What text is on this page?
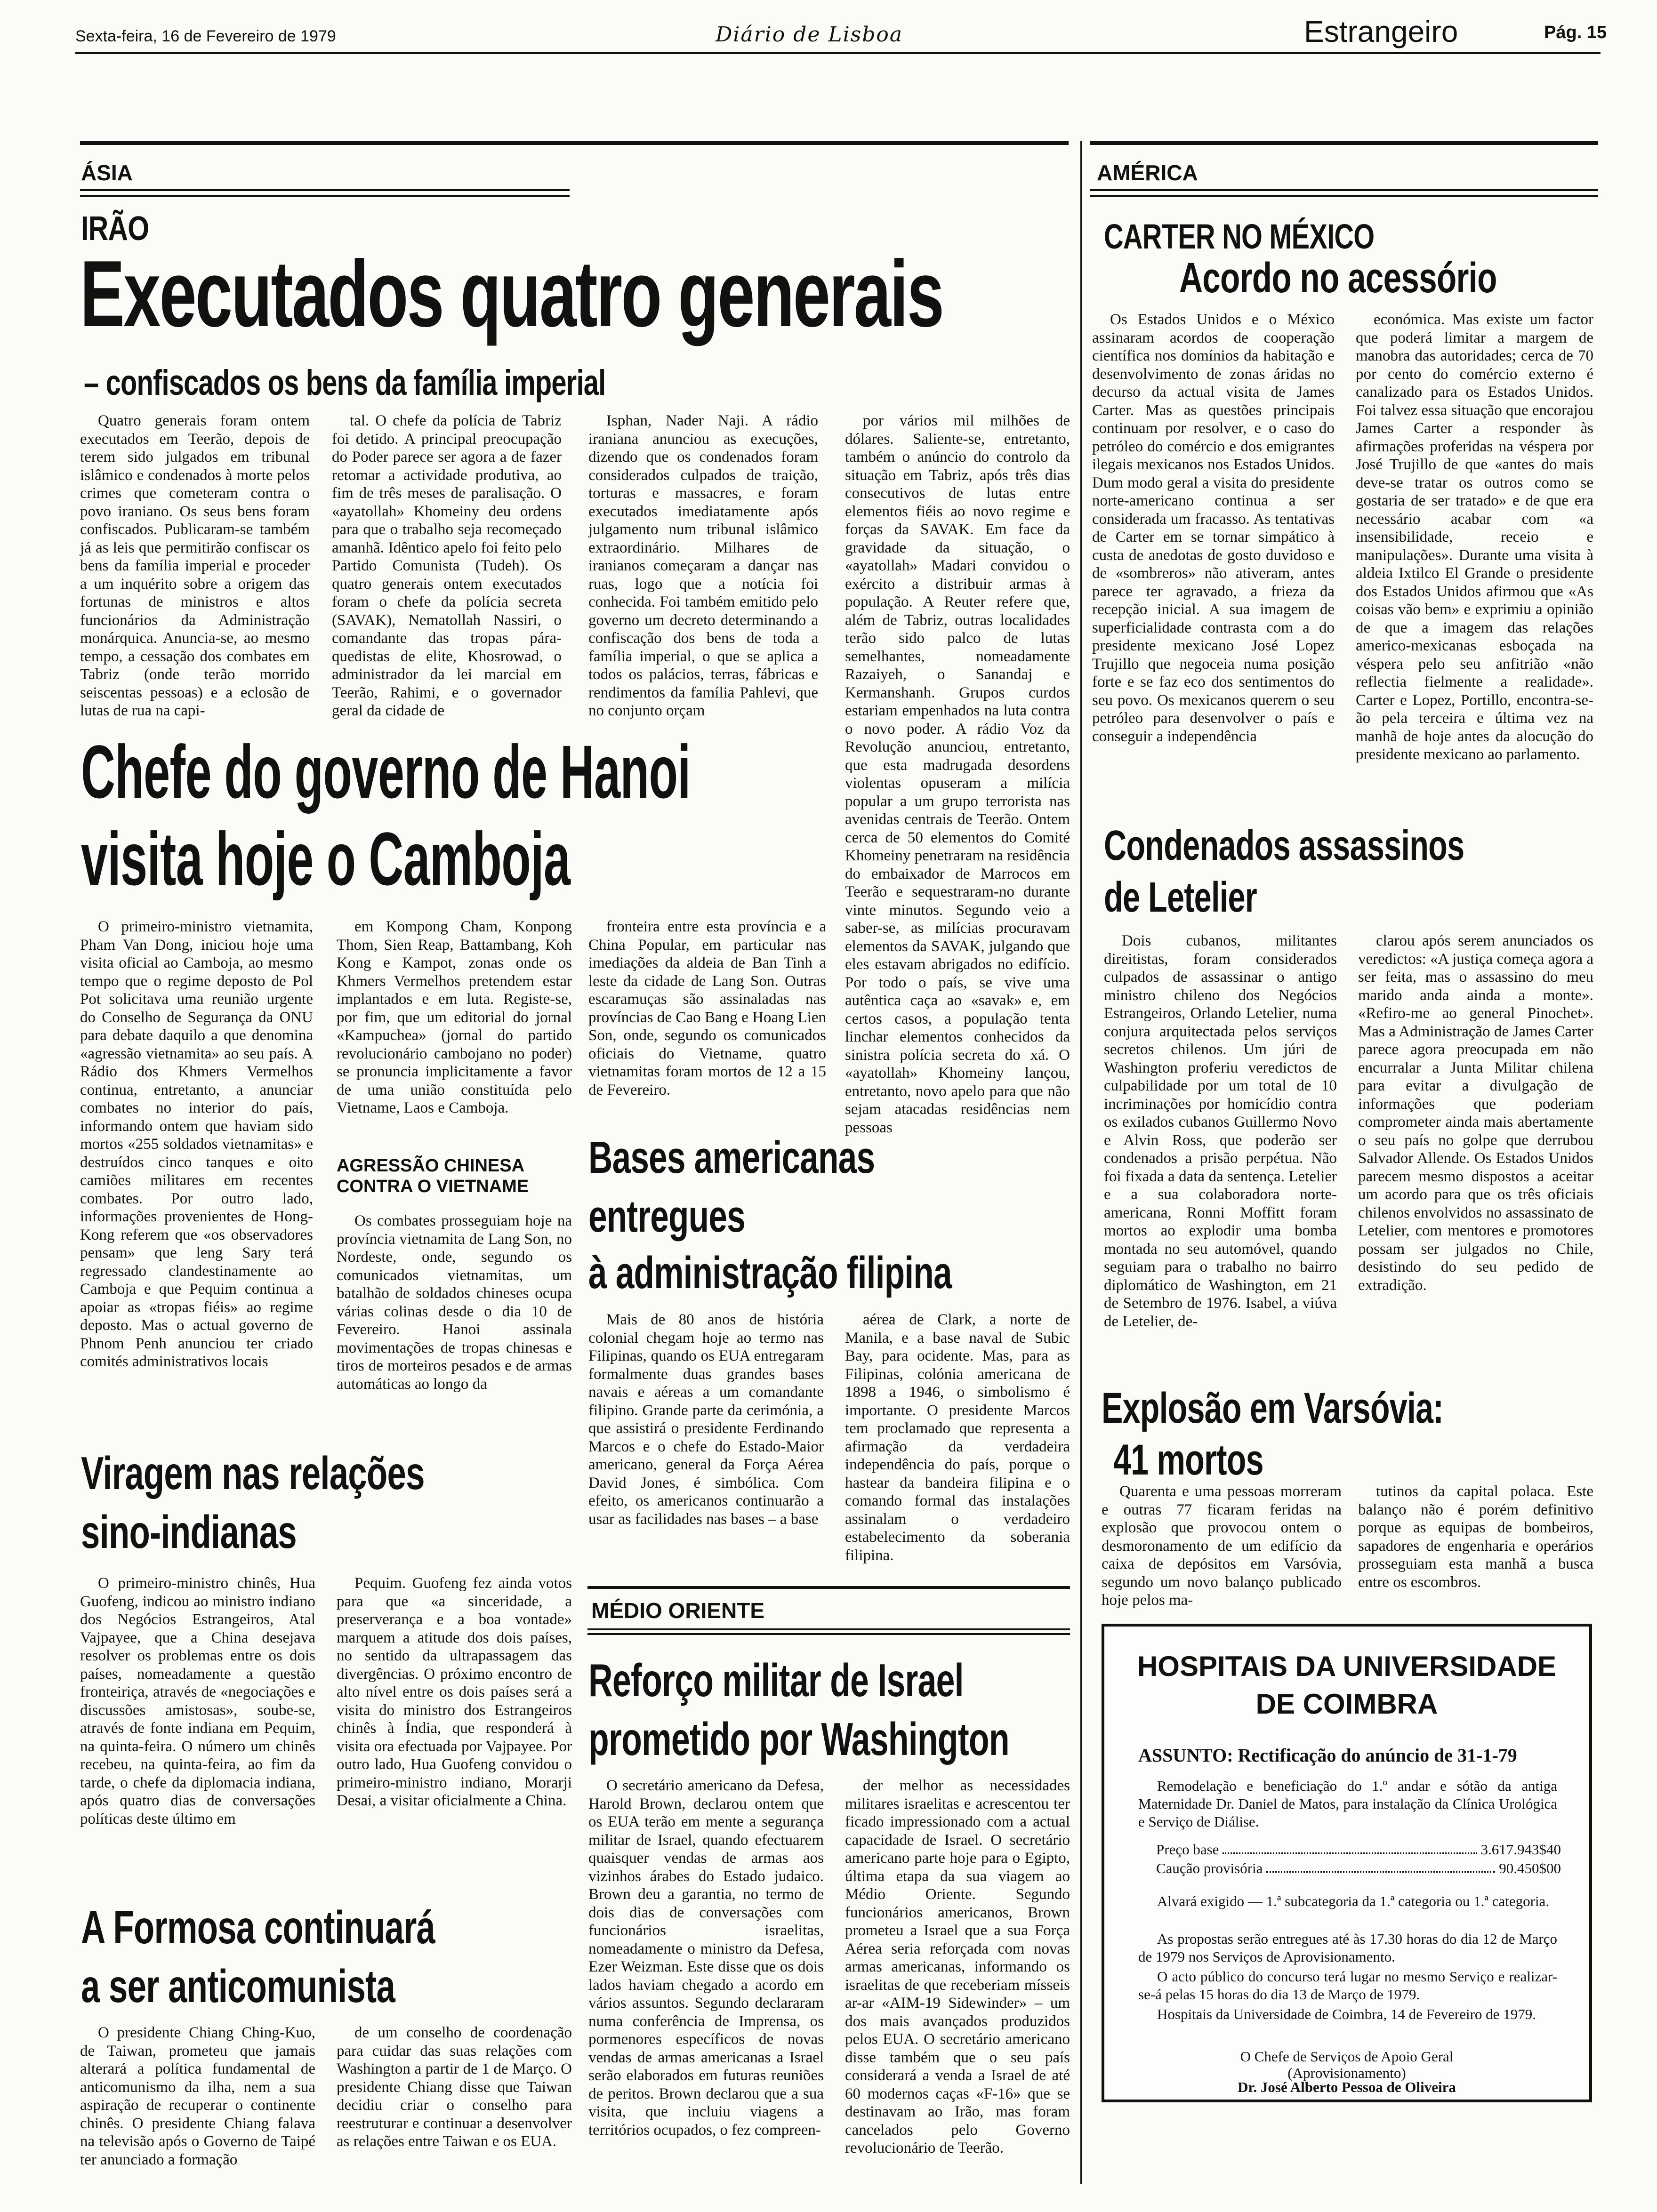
Sexta-feira, 16 de Fevereiro de 1979	Diário de Lisboa	Estrangeiro	Pág. 15
ÁSIA
IRÃO
Executados quatro generais
– confiscados os bens da família imperial

Quatro generais foram ontem executados em Teerão, depois de terem sido julgados em tribunal islâmico e condenados à morte pelos crimes que cometeram contra o povo iraniano. Os seus bens foram confiscados. Publicaram-se também já as leis que permitirão confiscar os bens da família imperial e proceder a um inquérito sobre a origem das fortunas de ministros e altos funcionários da Administração monárquica. Anuncia-se, ao mesmo tempo, a cessação dos combates em Tabriz (onde terão morrido seiscentas pessoas) e a eclosão de lutas de rua na capi-

tal. O chefe da polícia de Tabriz foi detido. A principal preocupação do Poder parece ser agora a de fazer retomar a actividade produtiva, ao fim de três meses de paralisação. O «ayatollah» Khomeiny deu ordens para que o trabalho seja recomeçado amanhã. Idêntico apelo foi feito pelo Partido Comunista (Tudeh). Os quatro generais ontem executados foram o chefe da polícia secreta (SAVAK), Nematollah Nassiri, o comandante das tropas pára-quedistas de elite, Khosrowad, o administrador da lei marcial em Teerão, Rahimi, e o governador geral da cidade de

Isphan, Nader Naji. A rádio iraniana anunciou as execuções, dizendo que os condenados foram considerados culpados de traição, torturas e massacres, e foram executados imediatamente após julgamento num tribunal islâmico extraordinário. Milhares de iranianos começaram a dançar nas ruas, logo que a notícia foi conhecida. Foi também emitido pelo governo um decreto determinando a confiscação dos bens de toda a família imperial, o que se aplica a todos os palácios, terras, fábricas e rendimentos da família Pahlevi, que no conjunto orçam

por vários mil milhões de dólares. Saliente-se, entretanto, também o anúncio do controlo da situação em Tabriz, após três dias consecutivos de lutas entre elementos fiéis ao novo regime e forças da SAVAK. Em face da gravidade da situação, o «ayatollah» Madari convidou o exército a distribuir armas à população. A Reuter refere que, além de Tabriz, outras localidades terão sido palco de lutas semelhantes, nomeadamente Razaiyeh, o Sanandaj e Kermanshanh. Grupos curdos estariam empenhados na luta contra o novo poder. A rádio Voz da Revolução anunciou, entretanto, que esta madrugada desordens violentas opuseram a milícia popular a um grupo terrorista nas avenidas centrais de Teerão. Ontem cerca de 50 elementos do Comité Khomeiny penetraram na residência do embaixador de Marrocos em Teerão e sequestraram-no durante vinte minutos. Segundo veio a saber-se, as milícias procuravam elementos da SAVAK, julgando que eles estavam abrigados no edifício. Por todo o país, se vive uma autêntica caça ao «savak» e, em certos casos, a população tenta linchar elementos conhecidos da sinistra polícia secreta do xá. O «ayatollah» Khomeiny lançou, entretanto, novo apelo para que não sejam atacadas residências nem pessoas

Chefe do governo de Hanoi
visita hoje o Camboja

O primeiro-ministro vietnamita, Pham Van Dong, iniciou hoje uma visita oficial ao Camboja, ao mesmo tempo que o regime deposto de Pol Pot solicitava uma reunião urgente do Conselho de Segurança da ONU para debate daquilo a que denomina «agressão vietnamita» ao seu país. A Rádio dos Khmers Vermelhos continua, entretanto, a anunciar combates no interior do país, informando ontem que haviam sido mortos «255 soldados vietnamitas» e destruídos cinco tanques e oito camiões militares em recentes combates. Por outro lado, informações provenientes de Hong-Kong referem que «os observadores pensam» que leng Sary terá regressado clandestinamente ao Camboja e que Pequim continua a apoiar as «tropas fiéis» ao regime deposto. Mas o actual governo de Phnom Penh anunciou ter criado comités administrativos locais

em Kompong Cham, Konpong Thom, Sien Reap, Battambang, Koh Kong e Kampot, zonas onde os Khmers Vermelhos pretendem estar implantados e em luta. Registe-se, por fim, que um editorial do jornal «Kampuchea» (jornal do partido revolucionário cambojano no poder) se pronuncia implicitamente a favor de uma união constituída pelo Vietname, Laos e Camboja.

AGRESSÃO CHINESA CONTRA O VIETNAME

Os combates prosseguiam hoje na província vietnamita de Lang Son, no Nordeste, onde, segundo os comunicados vietnamitas, um batalhão de soldados chineses ocupa várias colinas desde o dia 10 de Fevereiro. Hanoi assinala movimentações de tropas chinesas e tiros de morteiros pesados e de armas automáticas ao longo da

fronteira entre esta província e a China Popular, em particular nas imediações da aldeia de Ban Tinh a leste da cidade de Lang Son. Outras escaramuças são assinaladas nas províncias de Cao Bang e Hoang Lien Son, onde, segundo os comunicados oficiais do Vietname, quatro vietnamitas foram mortos de 12 a 15 de Fevereiro.

Bases americanas
entregues
à administração filipina

Mais de 80 anos de história colonial chegam hoje ao termo nas Filipinas, quando os EUA entregaram formalmente duas grandes bases navais e aéreas a um comandante filipino. Grande parte da cerimónia, a que assistirá o presidente Ferdinando Marcos e o chefe do Estado-Maior americano, general da Força Aérea David Jones, é simbólica. Com efeito, os americanos continuarão a usar as facilidades nas bases – a base

aérea de Clark, a norte de Manila, e a base naval de Subic Bay, para ocidente. Mas, para as Filipinas, colónia americana de 1898 a 1946, o simbolismo é importante. O presidente Marcos tem proclamado que representa a afirmação da verdadeira independência do país, porque o hastear da bandeira filipina e o comando formal das instalações assinalam o verdadeiro estabelecimento da soberania filipina.

Viragem nas relações
sino-indianas

O primeiro-ministro chinês, Hua Guofeng, indicou ao ministro indiano dos Negócios Estrangeiros, Atal Vajpayee, que a China desejava resolver os problemas entre os dois países, nomeadamente a questão fronteiriça, através de «negociações e discussões amistosas», soube-se, através de fonte indiana em Pequim, na quinta-feira. O número um chinês recebeu, na quinta-feira, ao fim da tarde, o chefe da diplomacia indiana, após quatro dias de conversações políticas deste último em

Pequim. Guofeng fez ainda votos para que «a sinceridade, a preserverança e a boa vontade» marquem a atitude dos dois países, no sentido da ultrapassagem das divergências. O próximo encontro de alto nível entre os dois países será a visita do ministro dos Estrangeiros chinês à Índia, que responderá à visita ora efectuada por Vajpayee. Por outro lado, Hua Guofeng convidou o primeiro-ministro indiano, Morarji Desai, a visitar oficialmente a China.

A Formosa continuará
a ser anticomunista

O presidente Chiang Ching-Kuo, de Taiwan, prometeu que jamais alterará a política fundamental de anticomunismo da ilha, nem a sua aspiração de recuperar o continente chinês. O presidente Chiang falava na televisão após o Governo de Taipé ter anunciado a formação

de um conselho de coordenação para cuidar das suas relações com Washington a partir de 1 de Março. O presidente Chiang disse que Taiwan decidiu criar o conselho para reestruturar e continuar a desenvolver as relações entre Taiwan e os EUA.

MÉDIO ORIENTE
Reforço militar de Israel
prometido por Washington

O secretário americano da Defesa, Harold Brown, declarou ontem que os EUA terão em mente a segurança militar de Israel, quando efectuarem quaisquer vendas de armas aos vizinhos árabes do Estado judaico. Brown deu a garantia, no termo de dois dias de conversações com funcionários israelitas, nomeadamente o ministro da Defesa, Ezer Weizman. Este disse que os dois lados haviam chegado a acordo em vários assuntos. Segundo declararam numa conferência de Imprensa, os pormenores específicos de novas vendas de armas americanas a Israel serão elaborados em futuras reuniões de peritos. Brown declarou que a sua visita, que incluiu viagens a territórios ocupados, o fez compreen-

der melhor as necessidades militares israelitas e acrescentou ter ficado impressionado com a actual capacidade de Israel. O secretário americano parte hoje para o Egipto, última etapa da sua viagem ao Médio Oriente. Segundo funcionários americanos, Brown prometeu a Israel que a sua Força Aérea seria reforçada com novas armas americanas, informando os israelitas de que receberiam mísseis ar-ar «AIM-19 Sidewinder» – um dos mais avançados produzidos pelos EUA. O secretário americano disse também que o seu país considerará a venda a Israel de até 60 modernos caças «F-16» que se destinavam ao Irão, mas foram cancelados pelo Governo revolucionário de Teerão.

AMÉRICA
CARTER NO MÉXICO
Acordo no acessório

Os Estados Unidos e o México assinaram acordos de cooperação científica nos domínios da habitação e desenvolvimento de zonas áridas no decurso da actual visita de James Carter. Mas as questões principais continuam por resolver, e o caso do petróleo do comércio e dos emigrantes ilegais mexicanos nos Estados Unidos. Dum modo geral a visita do presidente norte-americano continua a ser considerada um fracasso. As tentativas de Carter em se tornar simpático à custa de anedotas de gosto duvidoso e de «sombreros» não ativeram, antes parece ter agravado, a frieza da recepção inicial. A sua imagem de superficialidade contrasta com a do presidente mexicano José Lopez Trujillo que negoceia numa posição forte e se faz eco dos sentimentos do seu povo. Os mexicanos querem o seu petróleo para desenvolver o país e conseguir a independência

económica. Mas existe um factor que poderá limitar a margem de manobra das autoridades; cerca de 70 por cento do comércio externo é canalizado para os Estados Unidos. Foi talvez essa situação que encorajou James Carter a responder às afirmações proferidas na véspera por José Trujillo de que «antes do mais deve-se tratar os outros como se gostaria de ser tratado» e de que era necessário acabar com «a insensibilidade, receio e manipulações». Durante uma visita à aldeia Ixtilco El Grande o presidente dos Estados Unidos afirmou que «As coisas vão bem» e exprimiu a opinião de que a imagem das relações americo-mexicanas esboçada na véspera pelo seu anfitrião «não reflectia fielmente a realidade». Carter e Lopez, Portillo, encontra-se-ão pela terceira e última vez na manhã de hoje antes da alocução do presidente mexicano ao parlamento.

Condenados assassinos
de Letelier

Dois cubanos, militantes direitistas, foram considerados culpados de assassinar o antigo ministro chileno dos Negócios Estrangeiros, Orlando Letelier, numa conjura arquitectada pelos serviços secretos chilenos. Um júri de Washington proferiu veredictos de culpabilidade por um total de 10 incriminações por homicídio contra os exilados cubanos Guillermo Novo e Alvin Ross, que poderão ser condenados a prisão perpétua. Não foi fixada a data da sentença. Letelier e a sua colaboradora norte-americana, Ronni Moffitt foram mortos ao explodir uma bomba montada no seu automóvel, quando seguiam para o trabalho no bairro diplomático de Washington, em 21 de Setembro de 1976. Isabel, a viúva de Letelier, de-

clarou após serem anunciados os veredictos: «A justiça começa agora a ser feita, mas o assassino do meu marido anda ainda a monte». «Refiro-me ao general Pinochet». Mas a Administração de James Carter parece agora preocupada em não encurralar a Junta Militar chilena para evitar a divulgação de informações que poderiam comprometer ainda mais abertamente o seu país no golpe que derrubou Salvador Allende. Os Estados Unidos parecem mesmo dispostos a aceitar um acordo para que os três oficiais chilenos envolvidos no assassinato de Letelier, com mentores e promotores possam ser julgados no Chile, desistindo do seu pedido de extradição.

Explosão em Varsóvia:
41 mortos

Quarenta e uma pessoas morreram e outras 77 ficaram feridas na explosão que provocou ontem o desmoronamento de um edifício da caixa de depósitos em Varsóvia, segundo um novo balanço publicado hoje pelos ma-

tutinos da capital polaca. Este balanço não é porém definitivo porque as equipas de bombeiros, sapadores de engenharia e operários prosseguiam esta manhã a busca entre os escombros.

HOSPITAIS DA UNIVERSIDADE
DE COIMBRA
ASSUNTO: Rectificação do anúncio de 31-1-79
Remodelação e beneficiação do 1.º andar e sótão da antiga Maternidade Dr. Daniel de Matos, para instalação da Clínica Urológica e Serviço de Diálise.
Preço base	3.617.943$40
Caução provisória	90.450$00
Alvará exigido — 1.ª subcategoria da 1.ª categoria ou 1.ª categoria.
As propostas serão entregues até às 17.30 horas do dia 12 de Março de 1979 nos Serviços de Aprovisionamento.
O acto público do concurso terá lugar no mesmo Serviço e realizar-se-á pelas 15 horas do dia 13 de Março de 1979.
Hospitais da Universidade de Coimbra, 14 de Fevereiro de 1979.
O Chefe de Serviços de Apoio Geral
(Aprovisionamento)
Dr. José Alberto Pessoa de Oliveira
